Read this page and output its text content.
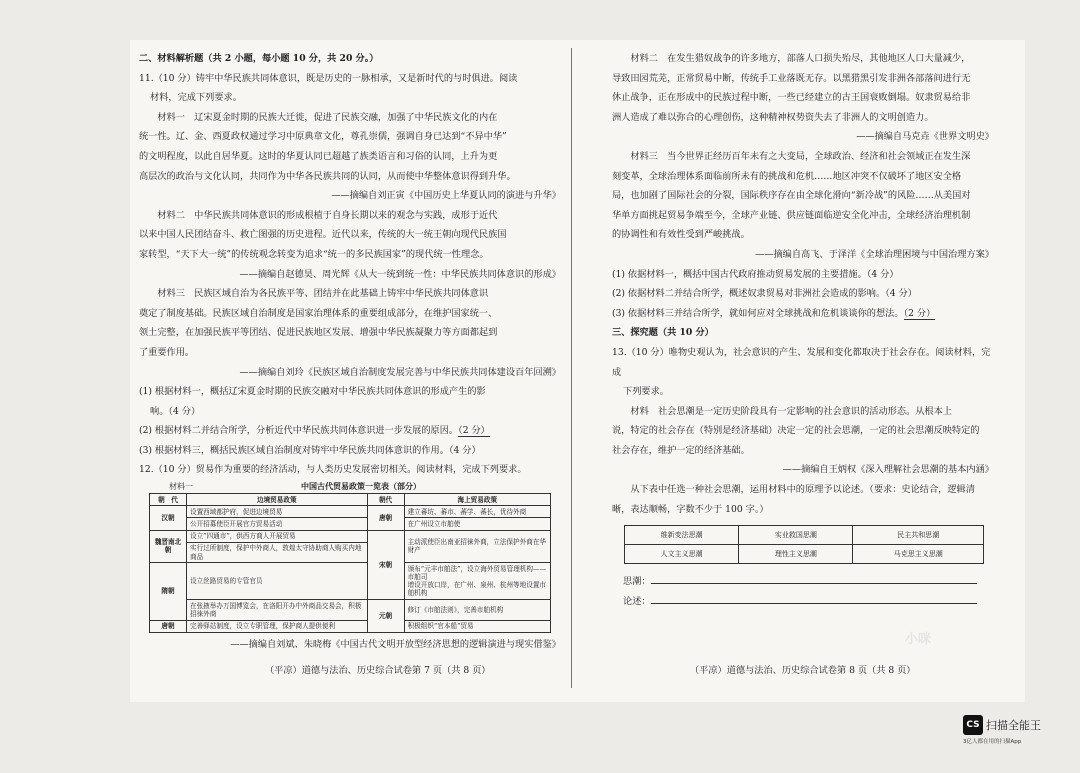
小咪

二、材料解析题（共 2 小题，每小题 10 分，共 20 分。）

11.（10 分）铸牢中华民族共同体意识，既是历史的一脉相承，又是新时代的与时俱进。阅读

材料，完成下列要求。

材料一　辽宋夏金时期的民族大迁徙，促进了民族交融，加强了中华民族文化的内在

统一性。辽、金、西夏政权通过学习中原典章文化，尊孔崇儒，强调自身已达到“不异中华”

的文明程度，以此自居华夏。这时的华夏认同已超越了族类语言和习俗的认同，上升为更

高层次的政治与文化认同，共同作为中华各民族共同的认同，从而使中华整体意识得到升华。

——摘编自刘正寅《中国历史上华夏认同的演进与升华》

材料二　中华民族共同体意识的形成根植于自身长期以来的观念与实践，成形于近代

以来中国人民团结奋斗、救亡图强的历史进程。近代以来，传统的大一统王朝向现代民族国

家转型，“天下大一统”的传统观念转变为追求“统一的多民族国家”的现代统一性理念。

——摘编自赵德昊、周光辉《从大一统到统一性：中华民族共同体意识的形成》

材料三　民族区域自治为各民族平等、团结并在此基础上铸牢中华民族共同体意识

奠定了制度基础。民族区域自治制度是国家治理体系的重要组成部分，在维护国家统一、

领土完整，在加强民族平等团结、促进民族地区发展、增强中华民族凝聚力等方面都起到

了重要作用。

——摘编自刘玲《民族区域自治制度发展完善与中华民族共同体建设百年回溯》

(1) 根据材料一，概括辽宋夏金时期的民族交融对中华民族共同体意识的形成产生的影

响。（4 分）

(2) 根据材料二并结合所学，分析近代中华民族共同体意识进一步发展的原因。（2 分）

(3) 根据材料三，概括民族区域自治制度对铸牢中华民族共同体意识的作用。（4 分）

12.（10 分）贸易作为重要的经济活动，与人类历史发展密切相关。阅读材料，完成下列要求。

材料一	中国古代贸易政策一览表（部分）
朝　代	边境贸易政策	朝代	海上贸易政策
汉朝	设置西域都护府，促进边境贸易	唐朝	建立蕃坊、蕃市、蕃学、蕃长，优待外商
	公开招募使臣开展官方贸易活动		在广州设立市舶使
魏晋南北朝	设立“四通市”，供西方商人开展贸易	宋朝	主动派使臣出南亚招徕外商，立法保护外商在华财产
	实行过所制度，保护中外商人，敦煌太守协助商人购买内地商品		
隋朝	设立丝路贸易的专管官员		颁布“元丰市舶法”，设立海外贸易管理机构——市舶司
增设开放口岸，在广州、泉州、杭州等地设置市舶机构

	在张掖举办万国博览会，在洛阳开办中外商品交易会，积极招徕外商	元朝	修订《市舶法则》，完善市舶机构
唐朝	完善驿站制度，设立专职管理，保护商人提供便利		积极组织“官本船”贸易

——摘编自刘斌、朱晓梅《中国古代文明开放型经济思想的逻辑演进与现实借鉴》

（平凉）道德与法治、历史综合试卷第 7 页（共 8 页）

材料二　在发生猎奴战争的许多地方，部落人口损失殆尽，其他地区人口大量减少，

导致田园荒芜，正常贸易中断，传统手工业落既无存。以黑猎黑引发非洲各部落间进行无

休止战争，正在形成中的民族过程中断，一些已经建立的古王国衰败倒塌。奴隶贸易给非

洲人造成了难以弥合的心理创伤，这种精神权势资失去了非洲人的文明创造力。

——摘编自马克垚《世界文明史》

材料三　当今世界正经历百年未有之大变局，全球政治、经济和社会领域正在发生深

刻变革，全球治理体系面临前所未有的挑战和危机……地区冲突不仅破坏了地区安全格

局，也加剧了国际社会的分裂，国际秩序存在由全球化滑向“新冷战”的风险……从美国对

华单方面挑起贸易争端至今，全球产业链、供应链面临逆安全化冲击，全球经济治理机制

的协调性和有效性受到严峻挑战。

——摘编自高飞、于泽洋《全球治理困境与中国治理方案》

(1) 依据材料一，概括中国古代政府推动贸易发展的主要措施。（4 分）

(2) 依据材料二并结合所学，概述奴隶贸易对非洲社会造成的影响。（4 分）

(3) 依据材料三并结合所学，就如何应对全球挑战和危机谈谈你的想法。（2 分）

三、探究题（共 10 分）

13.（10 分）唯物史观认为，社会意识的产生、发展和变化都取决于社会存在。阅读材料，完成

下列要求。

材料　社会思潮是一定历史阶段具有一定影响的社会意识的活动形态。从根本上

说，特定的社会存在（特别是经济基础）决定一定的社会思潮，一定的社会思潮反映特定的

社会存在，维护一定的经济基础。

——摘编自王炳权《深入理解社会思潮的基本内涵》

从下表中任选一种社会思潮，运用材料中的原理予以论述。（要求：史论结合，逻辑清

晰，表达顺畅，字数不少于 100 字。）

维新变法思潮	实业救国思潮	民主共和思潮
人文主义思潮	理性主义思潮	马克思主义思潮

思潮：

论述：

（平凉）道德与法治、历史综合试卷第 8 页（共 8 页）
CS 扫描全能王
3亿人都在用的扫描App
